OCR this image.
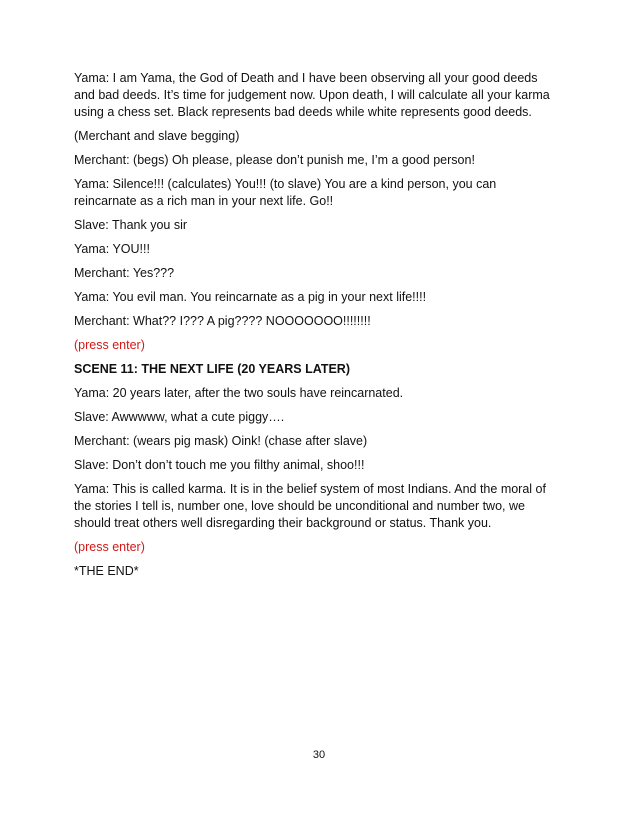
Yama: I am Yama, the God of Death and I have been observing all your good deeds
and bad deeds. It’s time for judgement now. Upon death, I will calculate all your karma
using a chess set. Black represents bad deeds while white represents good deeds.

(Merchant and slave begging)

Merchant: (begs) Oh please, please don’t punish me, I’m a good person!

Yama: Silence!!! (calculates) You!!! (to slave) You are a kind person, you can
reincarnate as a rich man in your next life. Go!!

Slave: Thank you sir

Yama: YOU!!!

Merchant: Yes???

Yama: You evil man. You reincarnate as a pig in your next life!!!!

Merchant: What?? I??? A pig???? NOOOOOOO!!!!!!!!

(press enter)

SCENE 11: THE NEXT LIFE (20 YEARS LATER)

Yama: 20 years later, after the two souls have reincarnated.

Slave: Awwwww, what a cute piggy….

Merchant: (wears pig mask) Oink! (chase after slave)

Slave: Don’t don’t touch me you filthy animal, shoo!!!

Yama: This is called karma. It is in the belief system of most Indians. And the moral of
the stories I tell is, number one, love should be unconditional and number two, we
should treat others well disregarding their background or status. Thank you.

(press enter)

*THE END*

30
